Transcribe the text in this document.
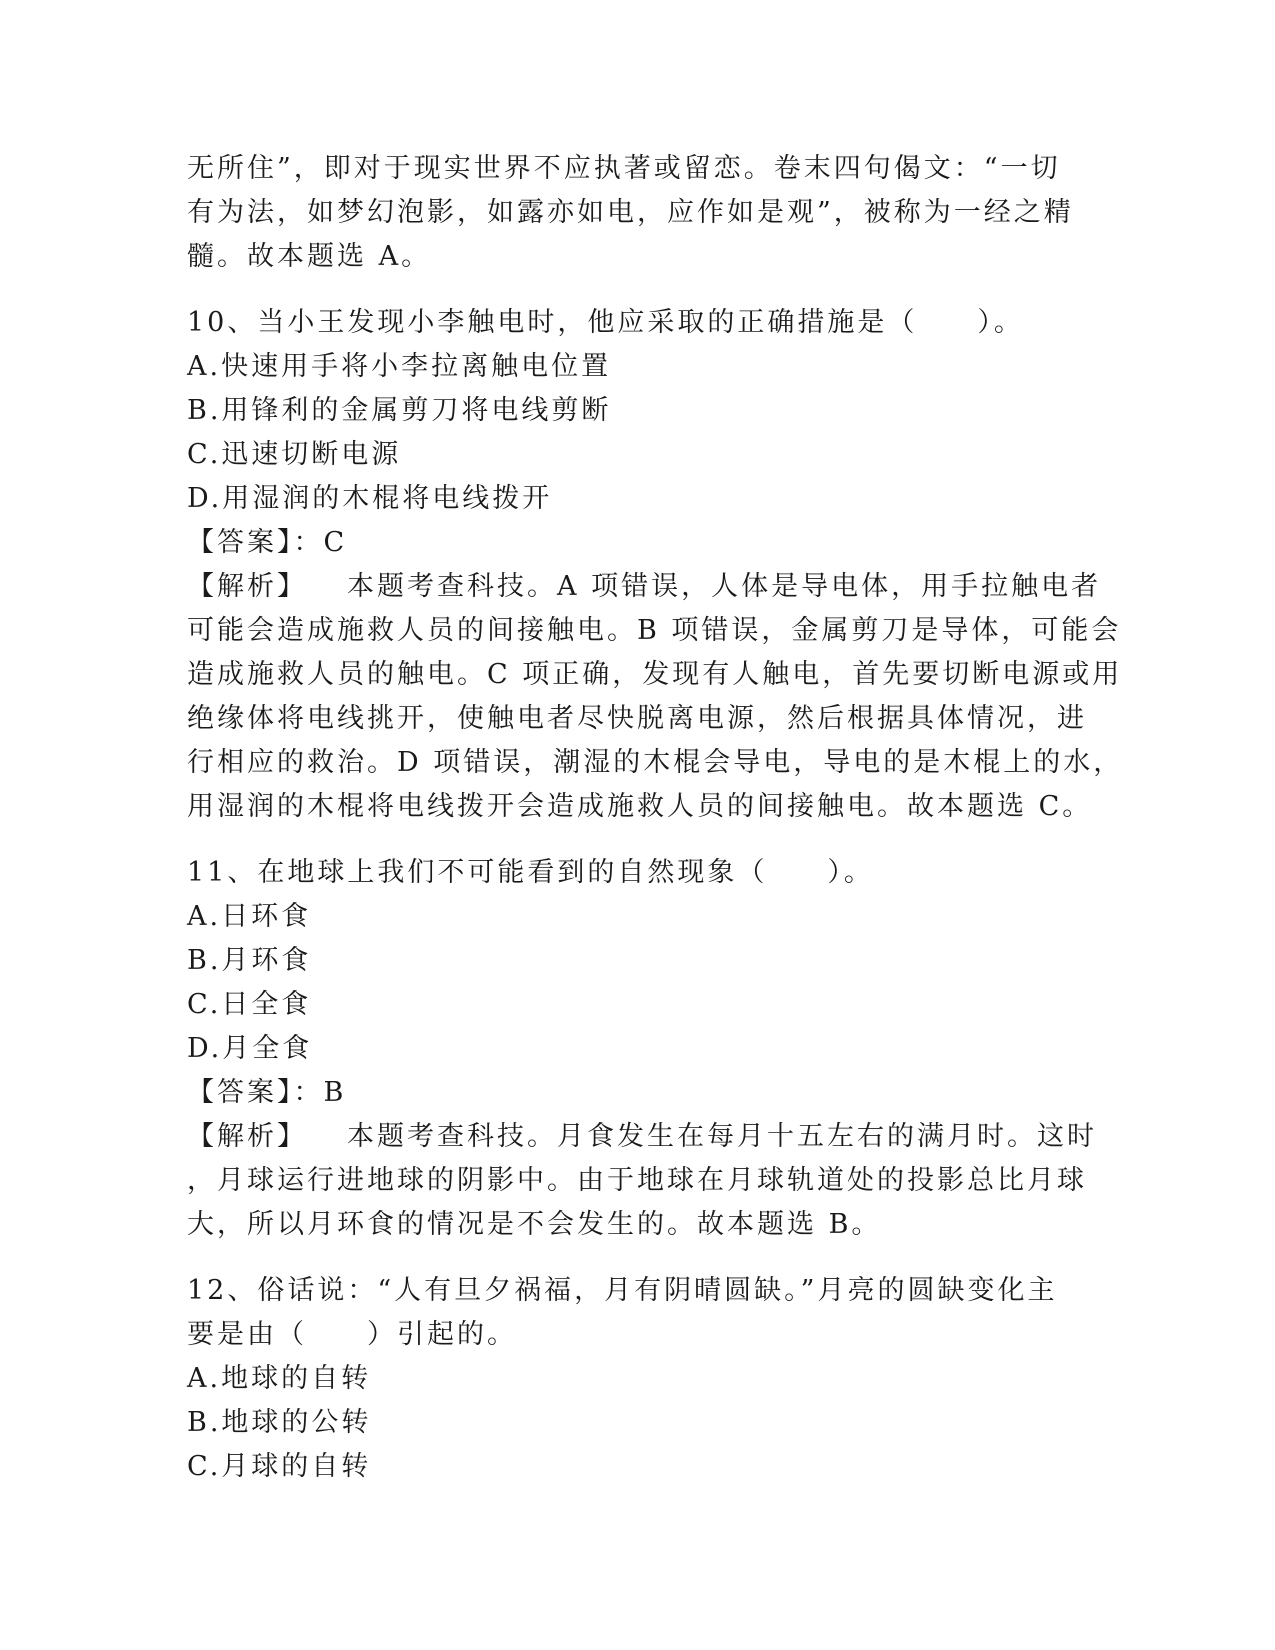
无所住”，即对于现实世界不应执著或留恋。卷末四句偈文：“一切
有为法，如梦幻泡影，如露亦如电，应作如是观”，被称为一经之精
髓。故本题选 A。
10、当小王发现小李触电时，他应采取的正确措施是（　　）。
A.快速用手将小李拉离触电位置
B.用锋利的金属剪刀将电线剪断
C.迅速切断电源
D.用湿润的木棍将电线拨开
【答案】：C
【解析】 本题考查科技。A 项错误，人体是导电体，用手拉触电者
可能会造成施救人员的间接触电。B 项错误，金属剪刀是导体，可能会
造成施救人员的触电。C 项正确，发现有人触电，首先要切断电源或用
绝缘体将电线挑开，使触电者尽快脱离电源，然后根据具体情况，进
行相应的救治。D 项错误，潮湿的木棍会导电，导电的是木棍上的水，
用湿润的木棍将电线拨开会造成施救人员的间接触电。故本题选 C。
11、在地球上我们不可能看到的自然现象（　　）。
A.日环食
B.月环食
C.日全食
D.月全食
【答案】：B
【解析】 本题考查科技。月食发生在每月十五左右的满月时。这时
，月球运行进地球的阴影中。由于地球在月球轨道处的投影总比月球
大，所以月环食的情况是不会发生的。故本题选 B。
12、俗话说：“人有旦夕祸福，月有阴晴圆缺。”月亮的圆缺变化主
要是由（　　）引起的。
A.地球的自转
B.地球的公转
C.月球的自转
